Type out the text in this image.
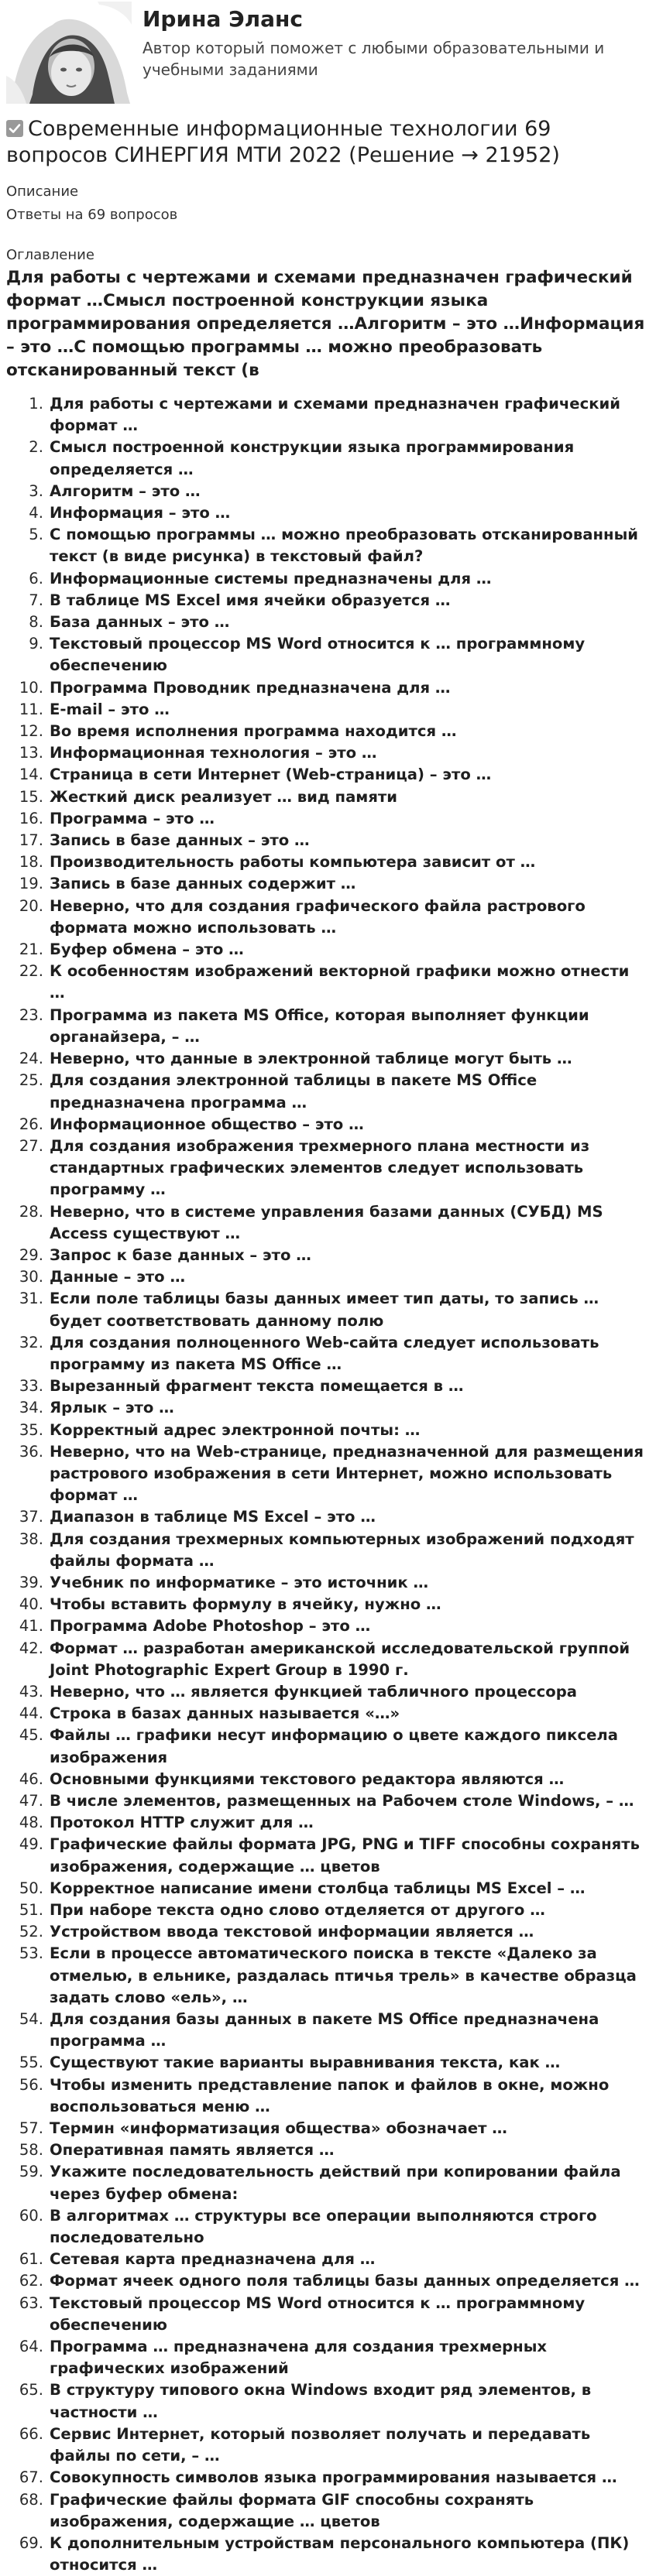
Ирина Эланс
Автор который поможет с любыми образовательными и учебными заданиями
Современные информационные технологии 69 вопросов СИНЕРГИЯ МТИ 2022 (Решение → 21952)
Описание
Ответы на 69 вопросов
Оглавление
Для работы с чертежами и схемами предназначен графический формат …Смысл построенной конструкции языка программирования определяется …Алгоритм – это …Информация – это …С помощью программы … можно преобразовать отсканированный текст (в
1. Для работы с чертежами и схемами предназначен графический формат …
2. Смысл построенной конструкции языка программирования определяется …
3. Алгоритм – это …
4. Информация – это …
5. С помощью программы … можно преобразовать отсканированный текст (в виде рисунка) в текстовый файл?
6. Информационные системы предназначены для …
7. В таблице MS Excel имя ячейки образуется …
8. База данных – это …
9. Текстовый процессор MS Word относится к … программному обеспечению
10. Программа Проводник предназначена для …
11. E-mail – это …
12. Во время исполнения программа находится …
13. Информационная технология – это …
14. Страница в сети Интернет (Web-страница) – это …
15. Жесткий диск реализует … вид памяти
16. Программа – это …
17. Запись в базе данных – это …
18. Производительность работы компьютера зависит от …
19. Запись в базе данных содержит …
20. Неверно, что для создания графического файла растрового формата можно использовать …
21. Буфер обмена – это …
22. К особенностям изображений векторной графики можно отнести …
23. Программа из пакета MS Office, которая выполняет функции органайзера, – …
24. Неверно, что данные в электронной таблице могут быть …
25. Для создания электронной таблицы в пакете MS Office предназначена программа …
26. Информационное общество – это …
27. Для создания изображения трехмерного плана местности из стандартных графических элементов следует использовать программу …
28. Неверно, что в системе управления базами данных (СУБД) MS Access существуют …
29. Запрос к базе данных – это …
30. Данные – это …
31. Если поле таблицы базы данных имеет тип даты, то запись … будет соответствовать данному полю
32. Для создания полноценного Web-сайта следует использовать программу из пакета MS Office …
33. Вырезанный фрагмент текста помещается в …
34. Ярлык – это …
35. Корректный адрес электронной почты: …
36. Неверно, что на Web-странице, предназначенной для размещения растрового изображения в сети Интернет, можно использовать формат …
37. Диапазон в таблице MS Excel – это …
38. Для создания трехмерных компьютерных изображений подходят файлы формата …
39. Учебник по информатике – это источник …
40. Чтобы вставить формулу в ячейку, нужно …
41. Программа Adobe Photoshop – это …
42. Формат … разработан американской исследовательской группой Joint Photographic Expert Group в 1990 г.
43. Неверно, что … является функцией табличного процессора
44. Строка в базах данных называется «…»
45. Файлы … графики несут информацию о цвете каждого пиксела изображения
46. Основными функциями текстового редактора являются …
47. В числе элементов, размещенных на Рабочем столе Windows, – …
48. Протокол HTTP служит для …
49. Графические файлы формата JPG, PNG и TIFF способны сохранять изображения, содержащие … цветов
50. Корректное написание имени столбца таблицы MS Excel – …
51. При наборе текста одно слово отделяется от другого …
52. Устройством ввода текстовой информации является …
53. Если в процессе автоматического поиска в тексте «Далеко за отмелью, в ельнике, раздалась птичья трель» в качестве образца задать слово «ель», …
54. Для создания базы данных в пакете MS Office предназначена программа …
55. Существуют такие варианты выравнивания текста, как …
56. Чтобы изменить представление папок и файлов в окне, можно воспользоваться меню …
57. Термин «информатизация общества» обозначает …
58. Оперативная память является …
59. Укажите последовательность действий при копировании файла через буфер обмена:
60. В алгоритмах … структуры все операции выполняются строго последовательно
61. Сетевая карта предназначена для …
62. Формат ячеек одного поля таблицы базы данных определяется …
63. Текстовый процессор MS Word относится к … программному обеспечению
64. Программа … предназначена для создания трехмерных графических изображений
65. В структуру типового окна Windows входит ряд элементов, в частности …
66. Сервис Интернет, который позволяет получать и передавать файлы по сети, – …
67. Совокупность символов языка программирования называется …
68. Графические файлы формата GIF способны сохранять изображения, содержащие … цветов
69. К дополнительным устройствам персонального компьютера (ПК) относится …
